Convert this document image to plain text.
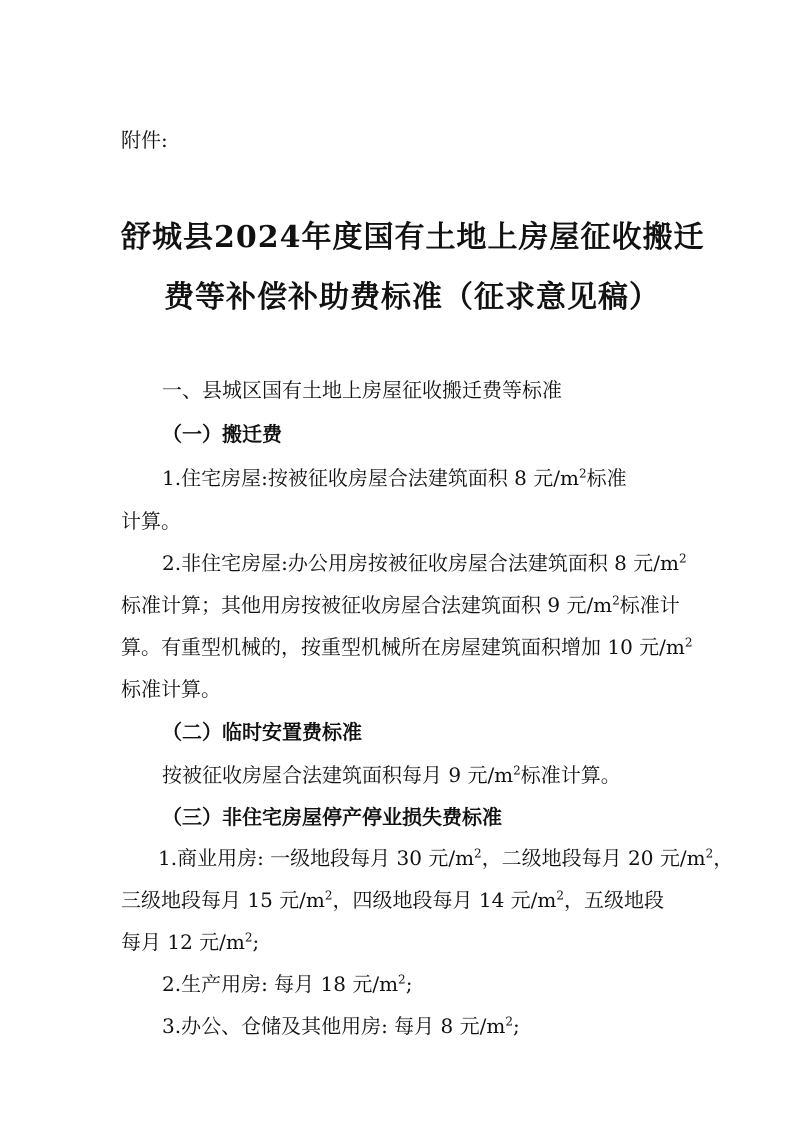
附件:
舒城县2024年度国有土地上房屋征收搬迁
费等补偿补助费标准（征求意见稿）
一、县城区国有土地上房屋征收搬迁费等标准
（一）搬迁费
1.住宅房屋:按被征收房屋合法建筑面积 8 元$/m^2$标准
计算。
2.非住宅房屋:办公用房按被征收房屋合法建筑面积 8 元$/m^2$
标准计算；其他用房按被征收房屋合法建筑面积 9 元$/m^2$标准计
算。有重型机械的，按重型机械所在房屋建筑面积增加 10 元$/m^2$
标准计算。
（二）临时安置费标准
按被征收房屋合法建筑面积每月 9 元$/m^2$标准计算。
（三）非住宅房屋停产停业损失费标准
1.商业用房: 一级地段每月 30 元$/m^2$，二级地段每月 20 元$/m^2$，
三级地段每月 15 元$/m^2$，四级地段每月 14 元$/m^2$，五级地段
每月 12 元$/m^2$;
2.生产用房: 每月 18 元$/m^2$;
3.办公、仓储及其他用房: 每月 8 元$/m^2$;
